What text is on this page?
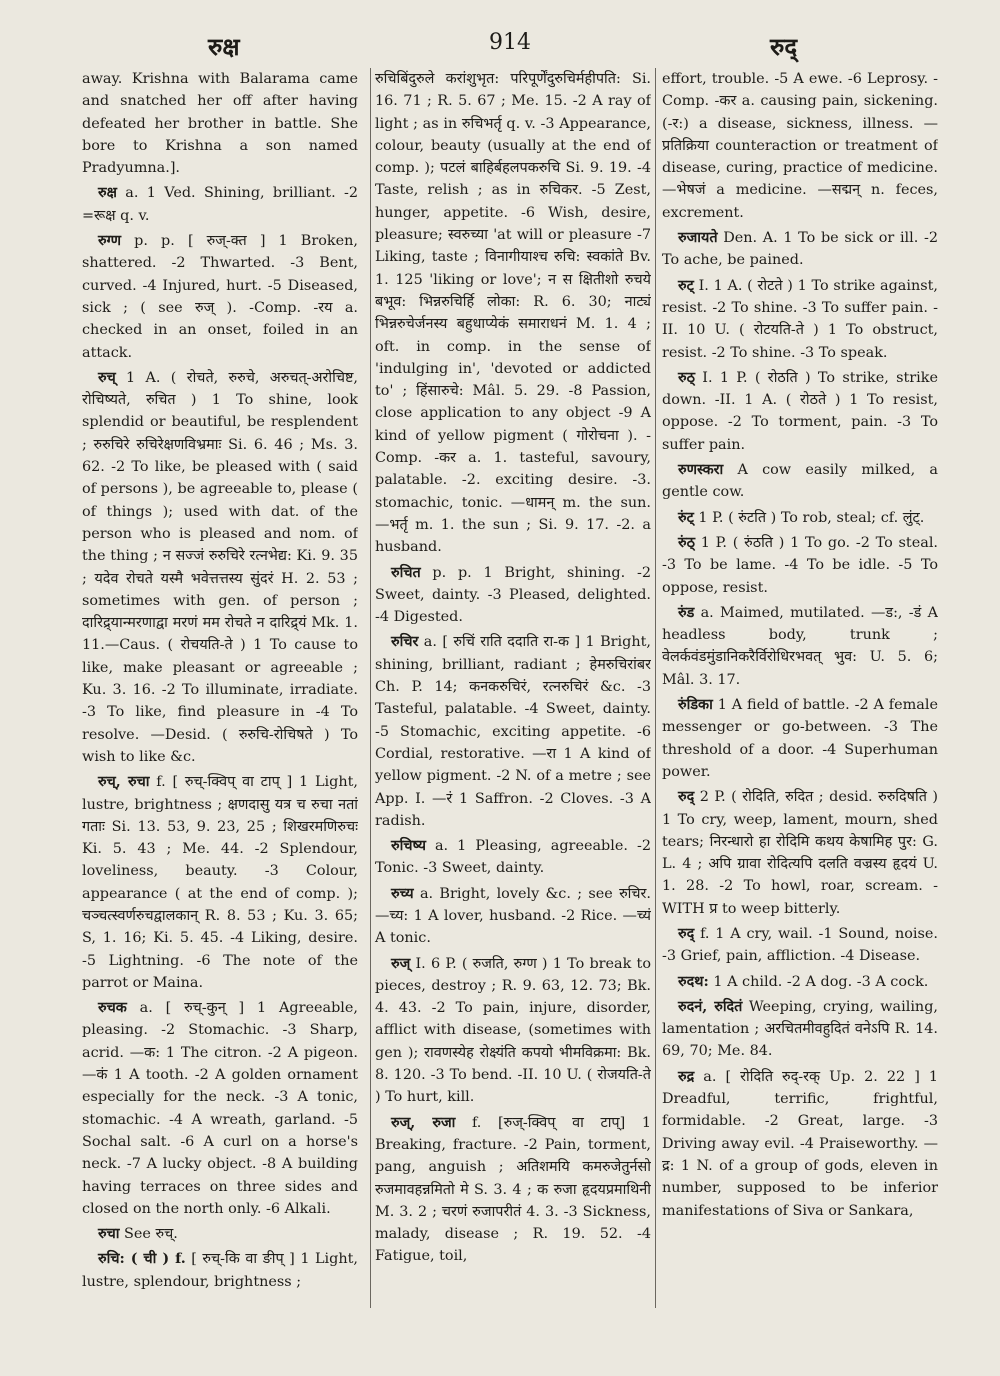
रुक्ष	914	रुद्

away. Krishna with Balarama came and snatched her off after having defeated her brother in battle. She bore to Krishna a son named Pradyumna.].

रुक्ष a. 1 Ved. Shining, brilliant. -2 =रूक्ष q. v.

रुग्ण p. p. [ रुज्-क्त ] 1 Broken, shattered. -2 Thwarted. -3 Bent, curved. -4 Injured, hurt. -5 Diseased, sick ; ( see रुज् ). -Comp. -रय a. checked in an onset, foiled in an attack.

रुच् 1 A. ( रोचते, रुरुचे, अरुचत्-अरोचिष्ट, रोचिष्यते, रुचित ) 1 To shine, look splendid or beautiful, be resplendent ; रुरुचिरे रुचिरेक्षणविभ्रमाः Si. 6. 46 ; Ms. 3. 62. -2 To like, be pleased with ( said of persons ), be agreeable to, please ( of things ); used with dat. of the person who is pleased and nom. of the thing ; न सज्जं रुरुचिरे रत्नभेद्य: Ki. 9. 35 ; यदेव रोचते यस्मै भवेत्तत्तस्य सुंदरं H. 2. 53 ; sometimes with gen. of person ; दारिद्र्यान्मरणाद्वा मरणं मम रोचते न दारिद्र्यं Mk. 1. 11.—Caus. ( रोचयति-ते ) 1 To cause to like, make pleasant or agreeable ; Ku. 3. 16. -2 To illuminate, irradiate. -3 To like, find pleasure in -4 To resolve. —Desid. ( रुरुचि-रोचिषते ) To wish to like &c.

रुच्, रुचा f. [ रुच्-क्विप् वा टाप् ] 1 Light, lustre, brightness ; क्षणदासु यत्र च रुचा नतां गताः Si. 13. 53, 9. 23, 25 ; शिखरमणिरुचः Ki. 5. 43 ; Me. 44. -2 Splendour, loveliness, beauty. -3 Colour, appearance ( at the end of comp. ); चञ्चत्स्वर्णरुचद्वालकान् R. 8. 53 ; Ku. 3. 65; S, 1. 16; Ki. 5. 45. -4 Liking, desire. -5 Lightning. -6 The note of the parrot or Maina.

रुचक a. [ रुच्-कुन् ] 1 Agreeable, pleasing. -2 Stomachic. -3 Sharp, acrid. —क: 1 The citron. -2 A pigeon. —कं 1 A tooth. -2 A golden ornament especially for the neck. -3 A tonic, stomachic. -4 A wreath, garland. -5 Sochal salt. -6 A curl on a horse's neck. -7 A lucky object. -8 A building having terraces on three sides and closed on the north only. -6 Alkali.

रुचा See रुच्.

रुचि: ( ची ) f. [ रुच्-कि वा ङीप् ] 1 Light, lustre, splendour, brightness ;

रुचिबिंदुरुले करांशुभृत: परिपूर्णेंदुरुचिर्महीपति: Si. 16. 71 ; R. 5. 67 ; Me. 15. -2 A ray of light ; as in रुचिभर्तृ q. v. -3 Appearance, colour, beauty (usually at the end of comp. ); पटलं बाहिर्बहलपकरुचि Si. 9. 19. -4 Taste, relish ; as in रुचिकर. -5 Zest, hunger, appetite. -6 Wish, desire, pleasure; स्वरुच्या 'at will or pleasure -7 Liking, taste ; विनागीयाश्च रुचि: स्वकांते Bv. 1. 125 'liking or love'; न स क्षितीशो रुचये बभूव: भिन्नरुचिर्हि लोका: R. 6. 30; नाट्यं भिन्नरुचेर्जनस्य बहुधाप्येकं समाराधनं M. 1. 4 ; oft. in comp. in the sense of 'indulging in', 'devoted or addicted to' ; हिंसारुचे: Mâl. 5. 29. -8 Passion, close application to any object -9 A kind of yellow pigment ( गोरोचना ). -Comp. -कर a. 1. tasteful, savoury, palatable. -2. exciting desire. -3. stomachic, tonic. —धामन् m. the sun. —भर्तृ m. 1. the sun ; Si. 9. 17. -2. a husband.

रुचित p. p. 1 Bright, shining. -2 Sweet, dainty. -3 Pleased, delighted. -4 Digested.

रुचिर a. [ रुचिं राति ददाति रा-क ] 1 Bright, shining, brilliant, radiant ; हेमरुचिरांबर Ch. P. 14; कनकरुचिरं, रत्नरुचिरं &c. -3 Tasteful, palatable. -4 Sweet, dainty. -5 Stomachic, exciting appetite. -6 Cordial, restorative. —रा 1 A kind of yellow pigment. -2 N. of a metre ; see App. I. —रं 1 Saffron. -2 Cloves. -3 A radish.

रुचिष्य a. 1 Pleasing, agreeable. -2 Tonic. -3 Sweet, dainty.

रुच्य a. Bright, lovely &c. ; see रुचिर. —च्य: 1 A lover, husband. -2 Rice. —च्यं A tonic.

रुज् I. 6 P. ( रुजति, रुग्ण ) 1 To break to pieces, destroy ; R. 9. 63, 12. 73; Bk. 4. 43. -2 To pain, injure, disorder, afflict with disease, (sometimes with gen ); रावणस्येह रोक्ष्यंति कपयो भीमविक्रमा: Bk. 8. 120. -3 To bend. -II. 10 U. ( रोजयति-ते ) To hurt, kill.

रुज्, रुजा f. [रुज्-क्विप् वा टाप्] 1 Breaking, fracture. -2 Pain, torment, pang, anguish ; अतिशमयि कमरुजेतुर्नसो रुजमावहन्नमितो मे S. 3. 4 ; क रुजा हृदयप्रमाथिनी M. 3. 2 ; चरणं रुजापरीतं 4. 3. -3 Sickness, malady, disease ; R. 19. 52. -4 Fatigue, toil,

effort, trouble. -5 A ewe. -6 Leprosy. -Comp. -कर a. causing pain, sickening. (-र:) a disease, sickness, illness. —प्रतिक्रिया counteraction or treatment of disease, curing, practice of medicine. —भेषजं a medicine. —सद्मन् n. feces, excrement.

रुजायते Den. A. 1 To be sick or ill. -2 To ache, be pained.

रुट् I. 1 A. ( रोटते ) 1 To strike against, resist. -2 To shine. -3 To suffer pain. -II. 10 U. ( रोटयति-ते ) 1 To obstruct, resist. -2 To shine. -3 To speak.

रुठ् I. 1 P. ( रोठति ) To strike, strike down. -II. 1 A. ( रोठते ) 1 To resist, oppose. -2 To torment, pain. -3 To suffer pain.

रुणस्करा A cow easily milked, a gentle cow.

रुंट् 1 P. ( रुंटति ) To rob, steal; cf. लुंट्.

रुंठ् 1 P. ( रुंठति ) 1 To go. -2 To steal. -3 To be lame. -4 To be idle. -5 To oppose, resist.

रुंड a. Maimed, mutilated. —ड:, -डं A headless body, trunk ; वेलर्कवंडमुंडानिकरैर्विरोधिरभवत् भुव: U. 5. 6; Mâl. 3. 17.

रुंडिका 1 A field of battle. -2 A female messenger or go-between. -3 The threshold of a door. -4 Superhuman power.

रुद् 2 P. ( रोदिति, रुदित ; desid. रुरुदिषति ) 1 To cry, weep, lament, mourn, shed tears; निरन्धारो हा रोदिमि कथय केषामिह पुर: G. L. 4 ; अपि ग्रावा रोदित्यपि दलति वज्रस्य हृदयं U. 1. 28. -2 To howl, roar, scream. -WITH प्र to weep bitterly.

रुद् f. 1 A cry, wail. -1 Sound, noise. -3 Grief, pain, affliction. -4 Disease.

रुदथ: 1 A child. -2 A dog. -3 A cock.

रुदनं, रुदितं Weeping, crying, wailing, lamentation ; अरचितमीवहुदितं वनेऽपि R. 14. 69, 70; Me. 84.

रुद्र a. [ रोदिति रुद्-रक् Up. 2. 22 ] 1 Dreadful, terrific, frightful, formidable. -2 Great, large. -3 Driving away evil. -4 Praiseworthy. —द्र: 1 N. of a group of gods, eleven in number, supposed to be inferior manifestations of Siva or Sankara,
